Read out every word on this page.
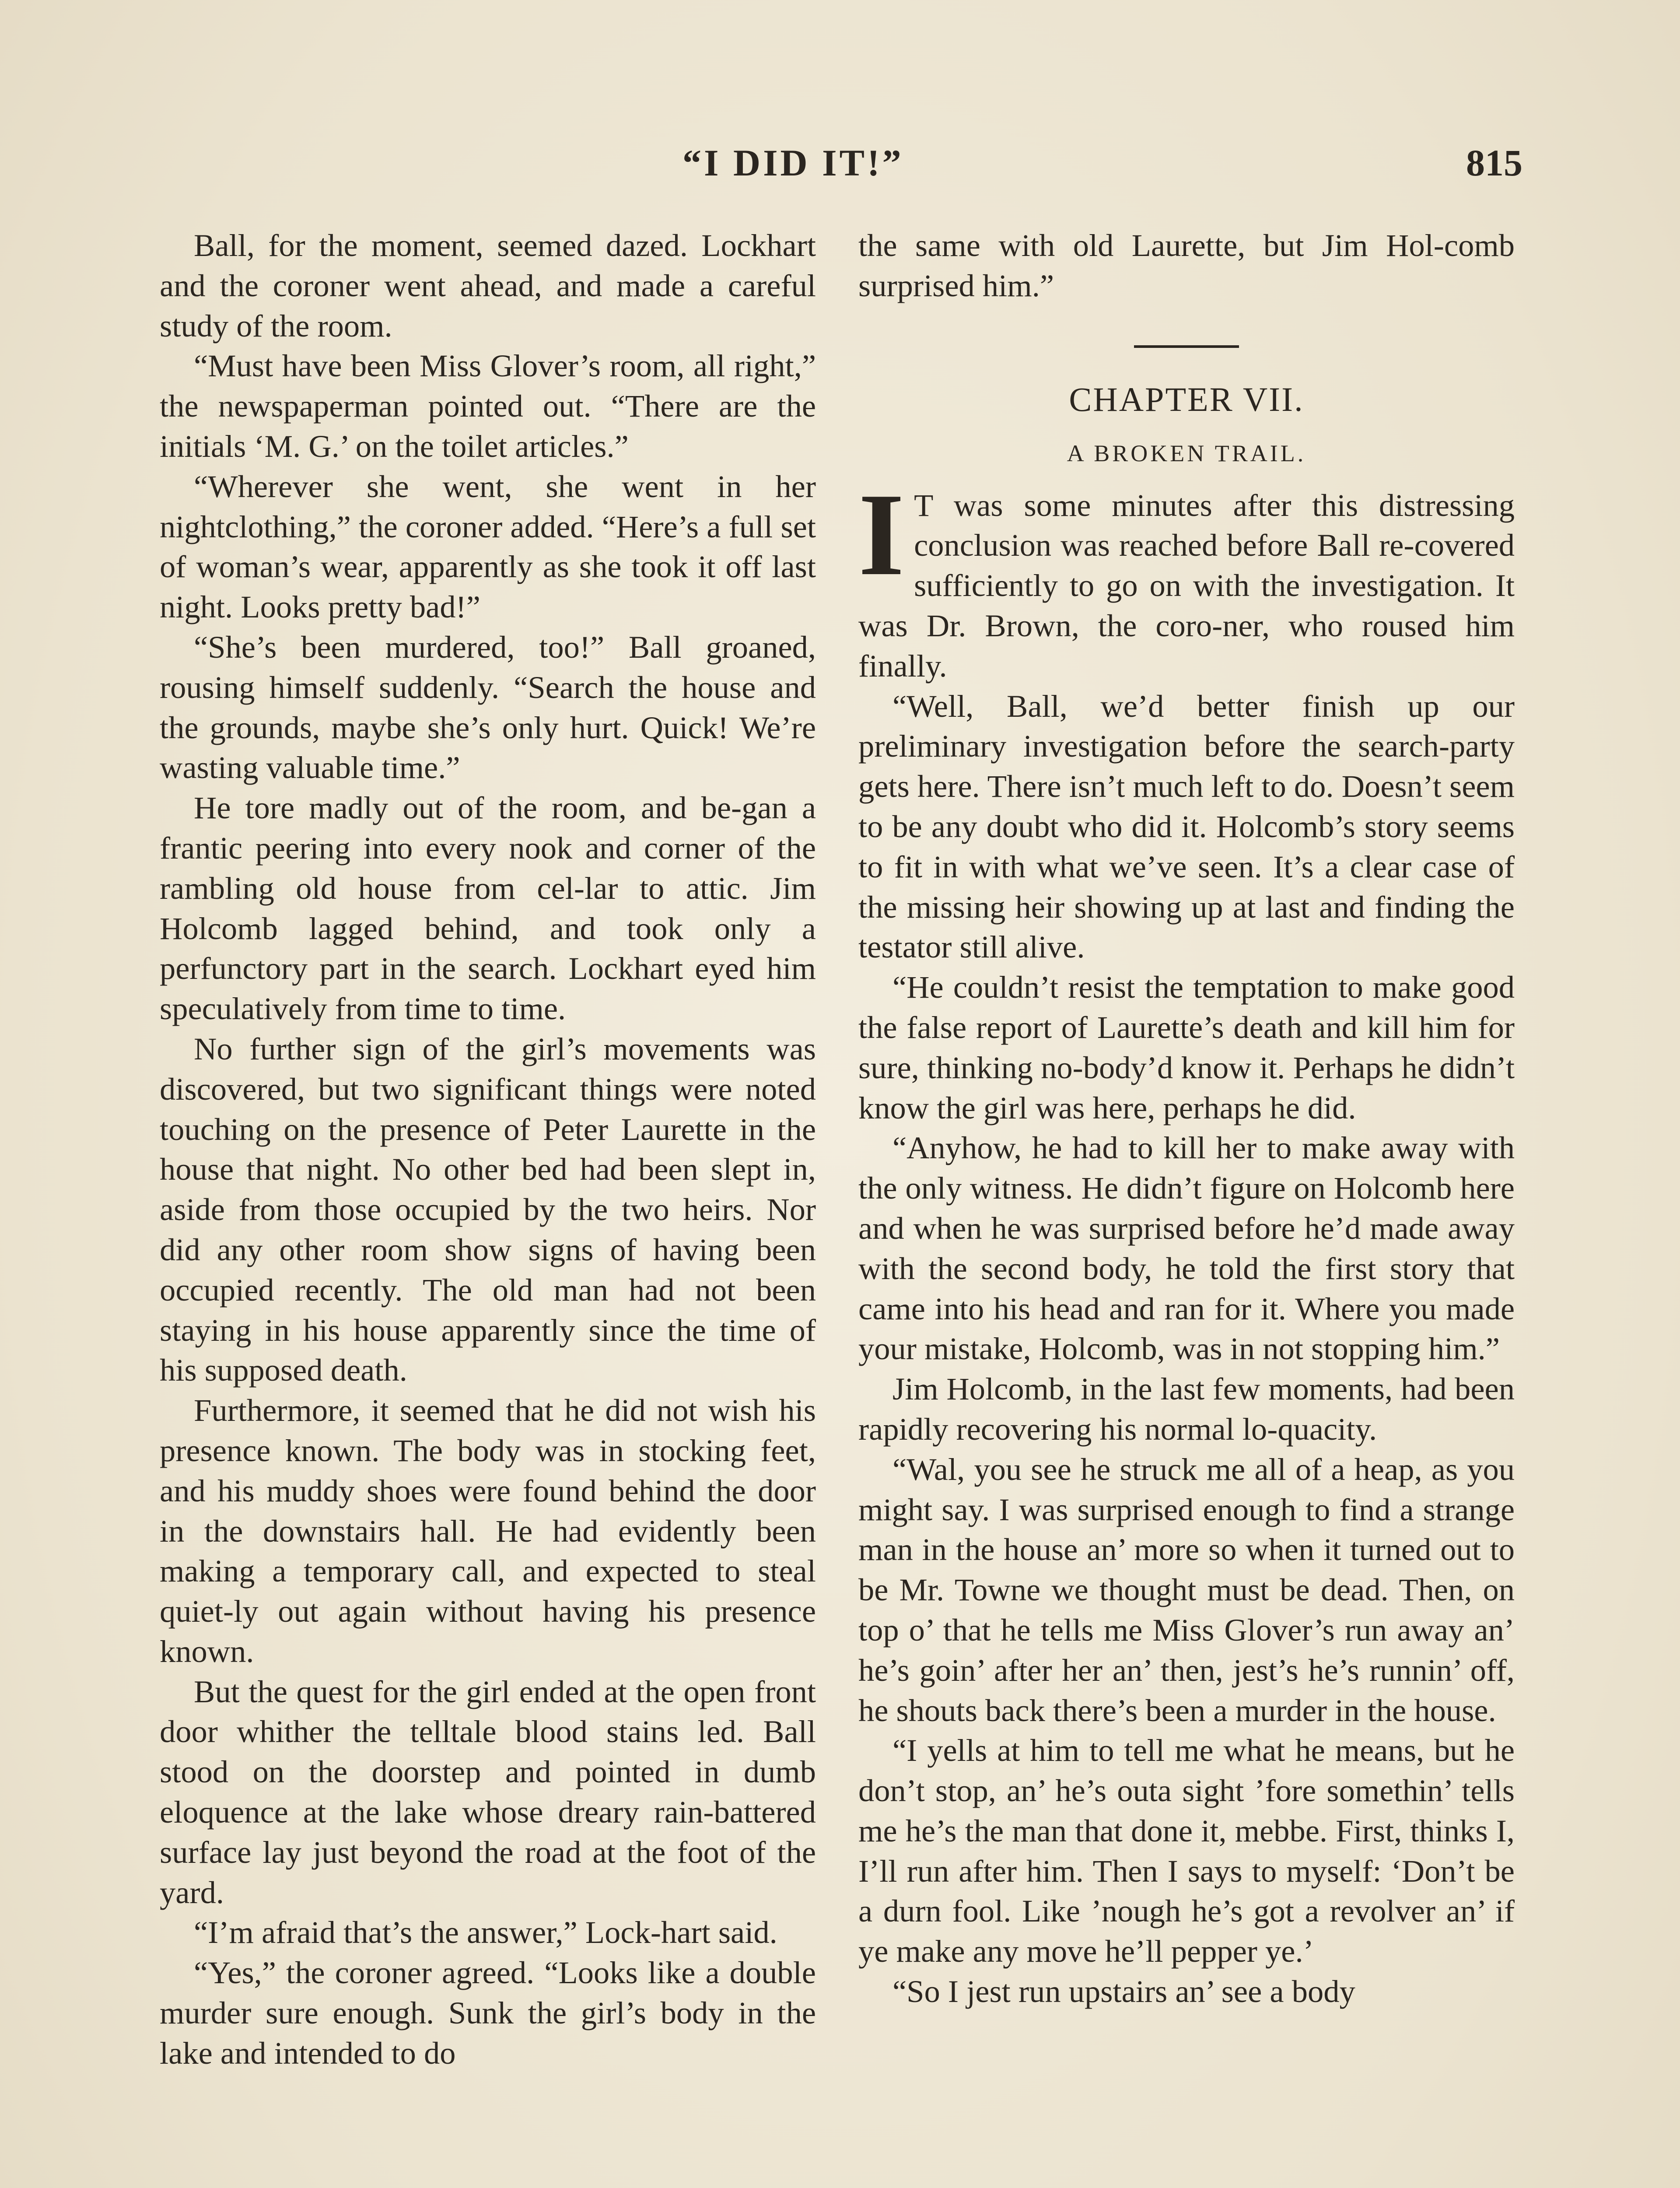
“I DID IT!”	815

Ball, for the moment, seemed dazed. Lockhart and the coroner went ahead, and made a careful study of the room.

“Must have been Miss Glover’s room, all right,” the newspaperman pointed out. “There are the initials ‘M. G.’ on the toilet articles.”

“Wherever she went, she went in her nightclothing,” the coroner added. “Here’s a full set of woman’s wear, apparently as she took it off last night. Looks pretty bad!”

“She’s been murdered, too!” Ball groaned, rousing himself suddenly. “Search the house and the grounds, maybe she’s only hurt. Quick! We’re wasting valuable time.”

He tore madly out of the room, and be-gan a frantic peering into every nook and corner of the rambling old house from cel-lar to attic. Jim Holcomb lagged behind, and took only a perfunctory part in the search. Lockhart eyed him speculatively from time to time.

No further sign of the girl’s movements was discovered, but two significant things were noted touching on the presence of Peter Laurette in the house that night. No other bed had been slept in, aside from those occupied by the two heirs. Nor did any other room show signs of having been occupied recently. The old man had not been staying in his house apparently since the time of his supposed death.

Furthermore, it seemed that he did not wish his presence known. The body was in stocking feet, and his muddy shoes were found behind the door in the downstairs hall. He had evidently been making a temporary call, and expected to steal quiet-ly out again without having his presence known.

But the quest for the girl ended at the open front door whither the telltale blood stains led. Ball stood on the doorstep and pointed in dumb eloquence at the lake whose dreary rain-battered surface lay just beyond the road at the foot of the yard.

“I’m afraid that’s the answer,” Lock-hart said.

“Yes,” the coroner agreed. “Looks like a double murder sure enough. Sunk the girl’s body in the lake and intended to do

the same with old Laurette, but Jim Hol-comb surprised him.”

CHAPTER VII.
A BROKEN TRAIL.

I T was some minutes after this distressing conclusion was reached before Ball re-covered sufficiently to go on with the investigation. It was Dr. Brown, the coro-ner, who roused him finally.

“Well, Ball, we’d better finish up our preliminary investigation before the search-party gets here. There isn’t much left to do. Doesn’t seem to be any doubt who did it. Holcomb’s story seems to fit in with what we’ve seen. It’s a clear case of the missing heir showing up at last and finding the testator still alive.

“He couldn’t resist the temptation to make good the false report of Laurette’s death and kill him for sure, thinking no-body’d know it. Perhaps he didn’t know the girl was here, perhaps he did.

“Anyhow, he had to kill her to make away with the only witness. He didn’t figure on Holcomb here and when he was surprised before he’d made away with the second body, he told the first story that came into his head and ran for it. Where you made your mistake, Holcomb, was in not stopping him.”

Jim Holcomb, in the last few moments, had been rapidly recovering his normal lo-quacity.

“Wal, you see he struck me all of a heap, as you might say. I was surprised enough to find a strange man in the house an’ more so when it turned out to be Mr. Towne we thought must be dead. Then, on top o’ that he tells me Miss Glover’s run away an’ he’s goin’ after her an’ then, jest’s he’s runnin’ off, he shouts back there’s been a murder in the house.

“I yells at him to tell me what he means, but he don’t stop, an’ he’s outa sight ’fore somethin’ tells me he’s the man that done it, mebbe. First, thinks I, I’ll run after him. Then I says to myself: ‘Don’t be a durn fool. Like ’nough he’s got a revolver an’ if ye make any move he’ll pepper ye.’

“So I jest run upstairs an’ see a body
